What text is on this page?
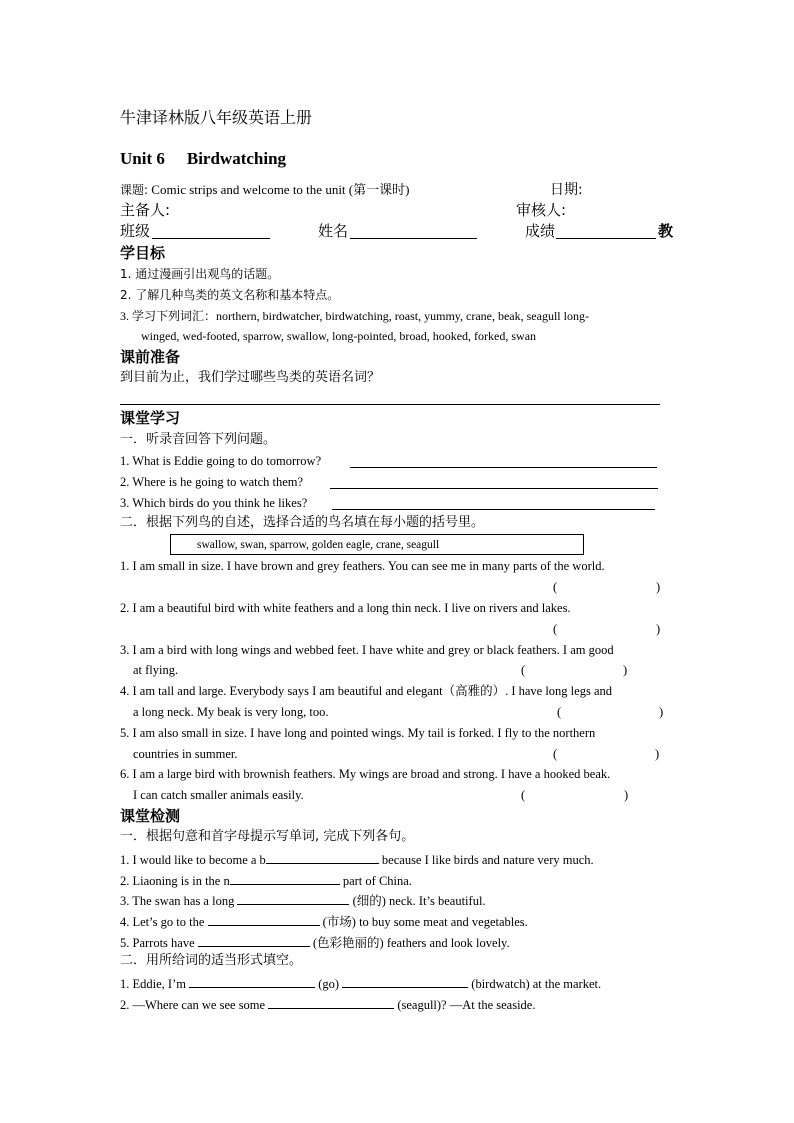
牛津译林版八年级英语上册
Unit 6 Birdwatching
课题: Comic strips and welcome to the unit (第一课时)	日期:
主备人:	审核人:
班级	姓名	成绩	教
学目标
1. 通过漫画引出观鸟的话题。
2. 了解几种鸟类的英文名称和基本特点。
3. 学习下列词汇：northern, birdwatcher, birdwatching, roast, yummy, crane, beak, seagull long-
winged, wed-footed, sparrow, swallow, long-pointed, broad, hooked, forked, swan
课前准备
到目前为止，我们学过哪些鸟类的英语名词？
课堂学习
一．听录音回答下列问题。
1. What is Eddie going to do tomorrow?
2. Where is he going to watch them?
3. Which birds do you think he likes?
二．根据下列鸟的自述，选择合适的鸟名填在每小题的括号里。
swallow, swan, sparrow, golden eagle, crane, seagull
1. I am small in size. I have brown and grey feathers. You can see me in many parts of the world.
(	)
2. I am a beautiful bird with white feathers and a long thin neck. I live on rivers and lakes.
(	)
3. I am a bird with long wings and webbed feet. I have white and grey or black feathers. I am good
at flying.	(	)
4. I am tall and large. Everybody says I am beautiful and elegant（高雅的）. I have long legs and
a long neck. My beak is very long, too.	(	)
5. I am also small in size. I have long and pointed wings. My tail is forked. I fly to the northern
countries in summer.	(	)
6. I am a large bird with brownish feathers. My wings are broad and strong. I have a hooked beak.
I can catch smaller animals easily.	(	)
课堂检测
一．根据句意和首字母提示写单词, 完成下列各句。
1. I would like to become a b	because I like birds and nature very much.
2. Liaoning is in the n	part of China.
3. The swan has a long	(细的) neck. It’s beautiful.
4. Let’s go to the	(市场) to buy some meat and vegetables.
5. Parrots have	(色彩艳丽的) feathers and look lovely.
二．用所给词的适当形式填空。
1. Eddie, I’m	(go)	(birdwatch) at the market.
2. —Where can we see some	(seagull)? —At the seaside.
